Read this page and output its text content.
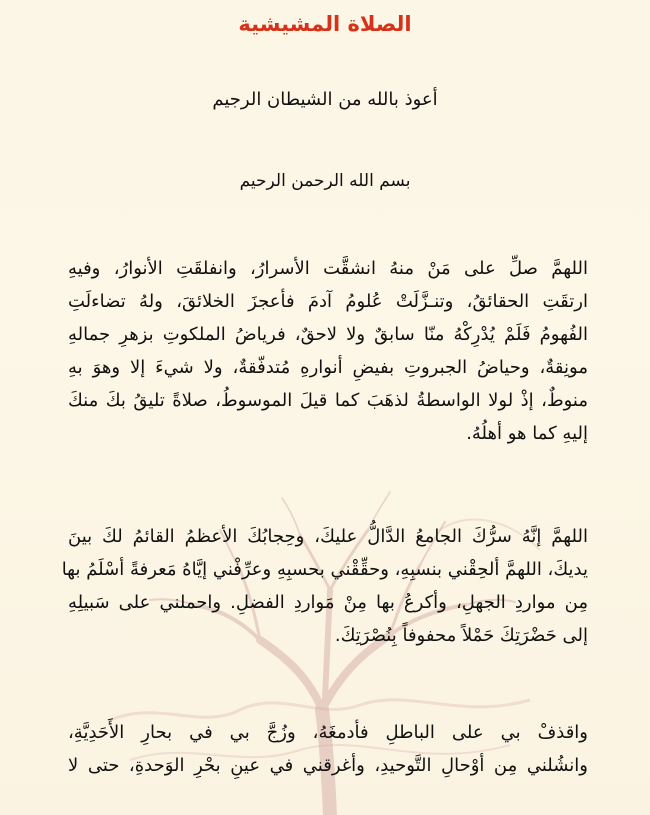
الصلاة المشيشية
أعوذ بالله من الشيطان الرجيم
بسم الله الرحمن الرحيم

اللهمَّ صلِّ على مَنْ منهُ انشقَّت الأسرارُ، وانفلقَتِ الأنوارُ، وفيهِ

ارتقَتِ الحقائقُ، وتنـزَّلَتْ عُلومُ آدمَ فأعجزَ الخلائقَ، ولهُ تضاءلَتِ

الفُهومُ فَلَمْ يُدْرِكْهُ منّا سابقٌ ولا لاحقٌ، فرياضُ الملكوتِ بزهرِ جمالهِ

مونِقةٌ، وحياضُ الجبروتِ بفيضِ أنوارهِ مُتدفّقةٌ، ولا شيءَ إلا وهوَ بهِ

منوطٌ، إذْ لولا الواسطةُ لذهَبَ كما قيلَ الموسوطُ، صلاةً تليقُ بكَ منكَ

إليهِ كما هو أهلُهُ.

اللهمَّ إنَّهُ سرُّكَ الجامعُ الدَّالُّ عليكَ، وحِجابُكَ الأعظمُ القائمُ لكَ بينَ

يديكَ، اللهمَّ ألحِقْني بنسبِهِ، وحقِّقْني بحسبِهِ وعرِّفْني إيَّاهُ مَعرفةً أسْلَمُ بها

مِن مواردِ الجهلِ، وأكرعُ بها مِنْ مَواردِ الفضلِ. واحملني على سَبيلِهِ

إلى حَضْرَتِكَ حَمْلاً محفوفاً بِنُصْرَتِكَ.

واقذفْ بي على الباطلِ فأدمغَهُ، وزُجَّ بي في بحارِ الأَحَدِيَّةِ،

وانشُلني مِن أوْحالِ التَّوحيدِ، وأغرقني في عينِ بحْرِ الوَحدةِ، حتى لا
